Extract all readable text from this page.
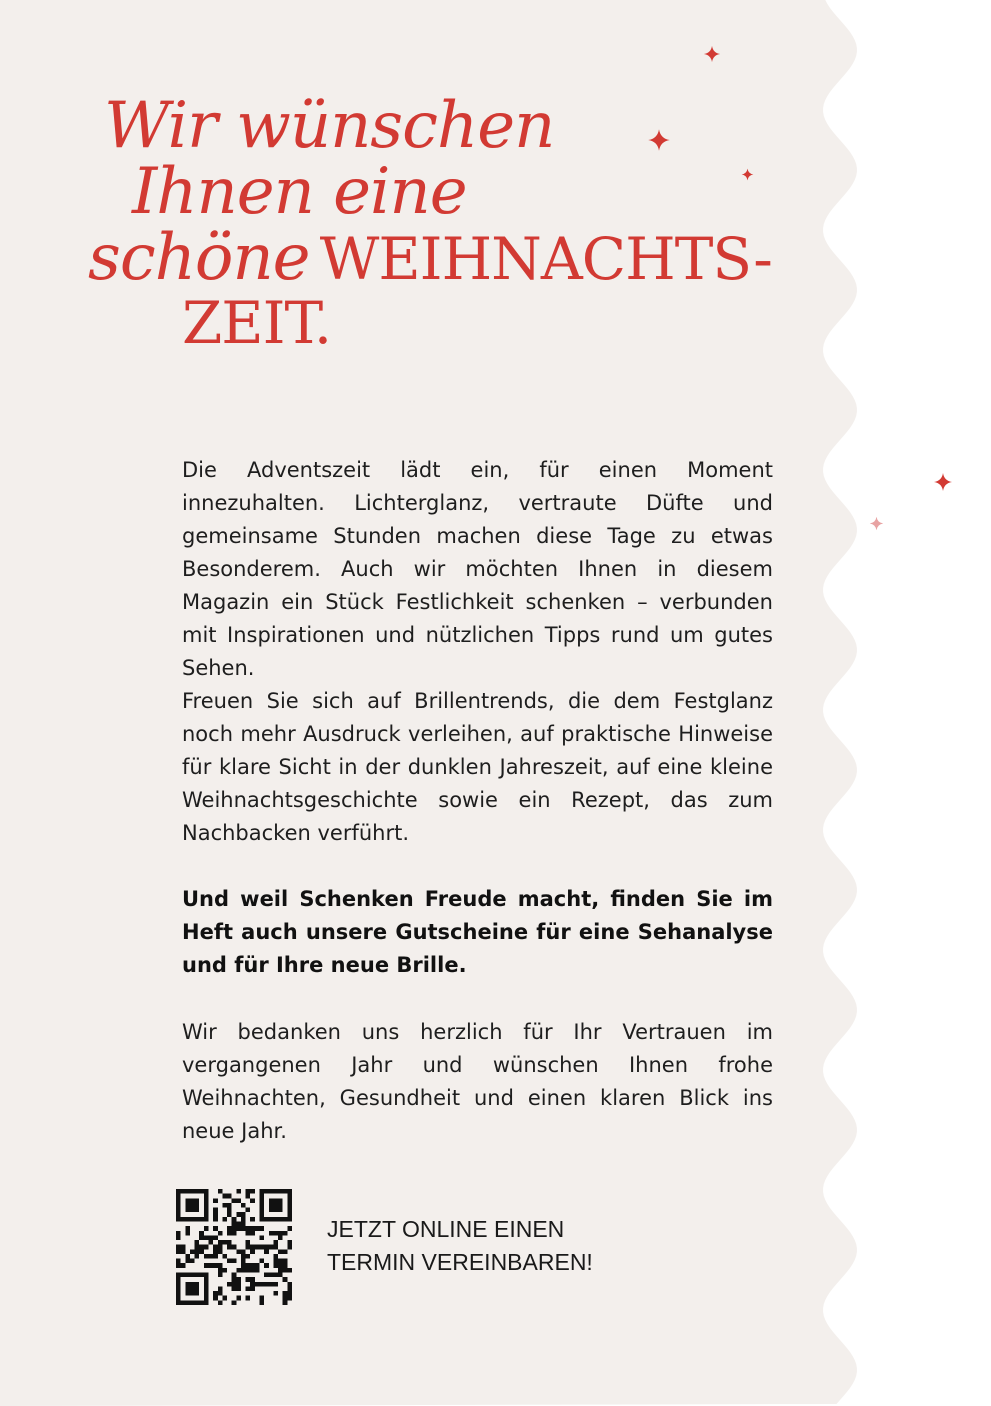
Wir wünschen
Ihnen eine
schöne WEIHNACHTS-
ZEIT.

Die Adventszeit lädt ein, für einen Moment innezuhalten. Lichterglanz, vertraute Düfte und gemeinsame Stunden machen diese Tage zu etwas Besonderem. Auch wir möchten Ihnen in diesem Magazin ein Stück Festlichkeit schenken – verbunden mit Inspirationen und nützlichen Tipps rund um gutes Sehen.

Freuen Sie sich auf Brillentrends, die dem Festglanz noch mehr Ausdruck verleihen, auf praktische Hinweise für klare Sicht in der dunklen Jahreszeit, auf eine kleine Weihnachtsgeschichte sowie ein Rezept, das zum Nachbacken verführt.

Und weil Schenken Freude macht, finden Sie im Heft auch unsere Gutscheine für eine Sehanalyse und für Ihre neue Brille.

Wir bedanken uns herzlich für Ihr Vertrauen im vergangenen Jahr und wünschen Ihnen frohe Weihnachten, Gesundheit und einen klaren Blick ins neue Jahr.

JETZT ONLINE EINEN

TERMIN VEREINBAREN!
